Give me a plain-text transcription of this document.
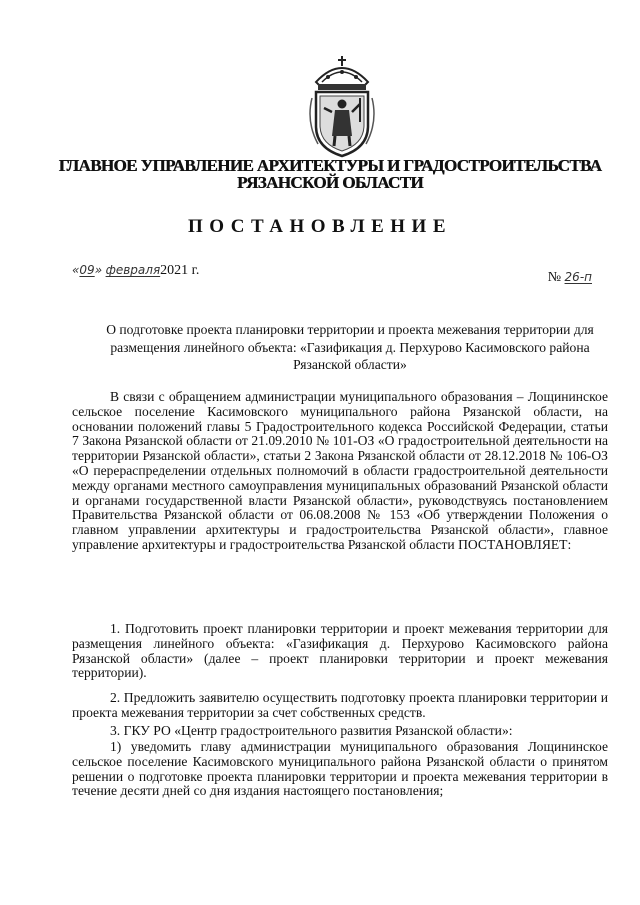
ГЛАВНОЕ УПРАВЛЕНИЕ АРХИТЕКТУРЫ И ГРАДОСТРОИТЕЛЬСТВА
РЯЗАНСКОЙ ОБЛАСТИ
ПОСТАНОВЛЕНИЕ
«09» февраля2021 г.	№ 26-п
О подготовке проекта планировки территории и проекта межевания территории для размещения линейного объекта: «Газификация д. Перхурово Касимовского района Рязанской области»
В связи с обращением администрации муниципального образования – Лощининское сельское поселение Касимовского муниципального района Рязанской области, на основании положений главы 5 Градостроительного кодекса Российской Федерации, статьи 7 Закона Рязанской области от 21.09.2010 № 101-ОЗ «О градостроительной деятельности на территории Рязанской области», статьи 2 Закона Рязанской области от 28.12.2018 № 106-ОЗ «О перераспределении отдельных полномочий в области градостроительной деятельности между органами местного самоуправления муниципальных образований Рязанской области и органами государственной власти Рязанской области», руководствуясь постановлением Правительства Рязанской области от 06.08.2008 № 153 «Об утверждении Положения о главном управлении архитектуры и градостроительства Рязанской области», главное управление архитектуры и градостроительства Рязанской области ПОСТАНОВЛЯЕТ:
1. Подготовить проект планировки территории и проект межевания территории для размещения линейного объекта: «Газификация д. Перхурово Касимовского района Рязанской области» (далее – проект планировки территории и проект межевания территории).
2. Предложить заявителю осуществить подготовку проекта планировки территории и проекта межевания территории за счет собственных средств.
3. ГКУ РО «Центр градостроительного развития Рязанской области»:
1) уведомить главу администрации муниципального образования Лощининское сельское поселение Касимовского муниципального района Рязанской области о принятом решении о подготовке проекта планировки территории и проекта межевания территории в течение десяти дней со дня издания настоящего постановления;
